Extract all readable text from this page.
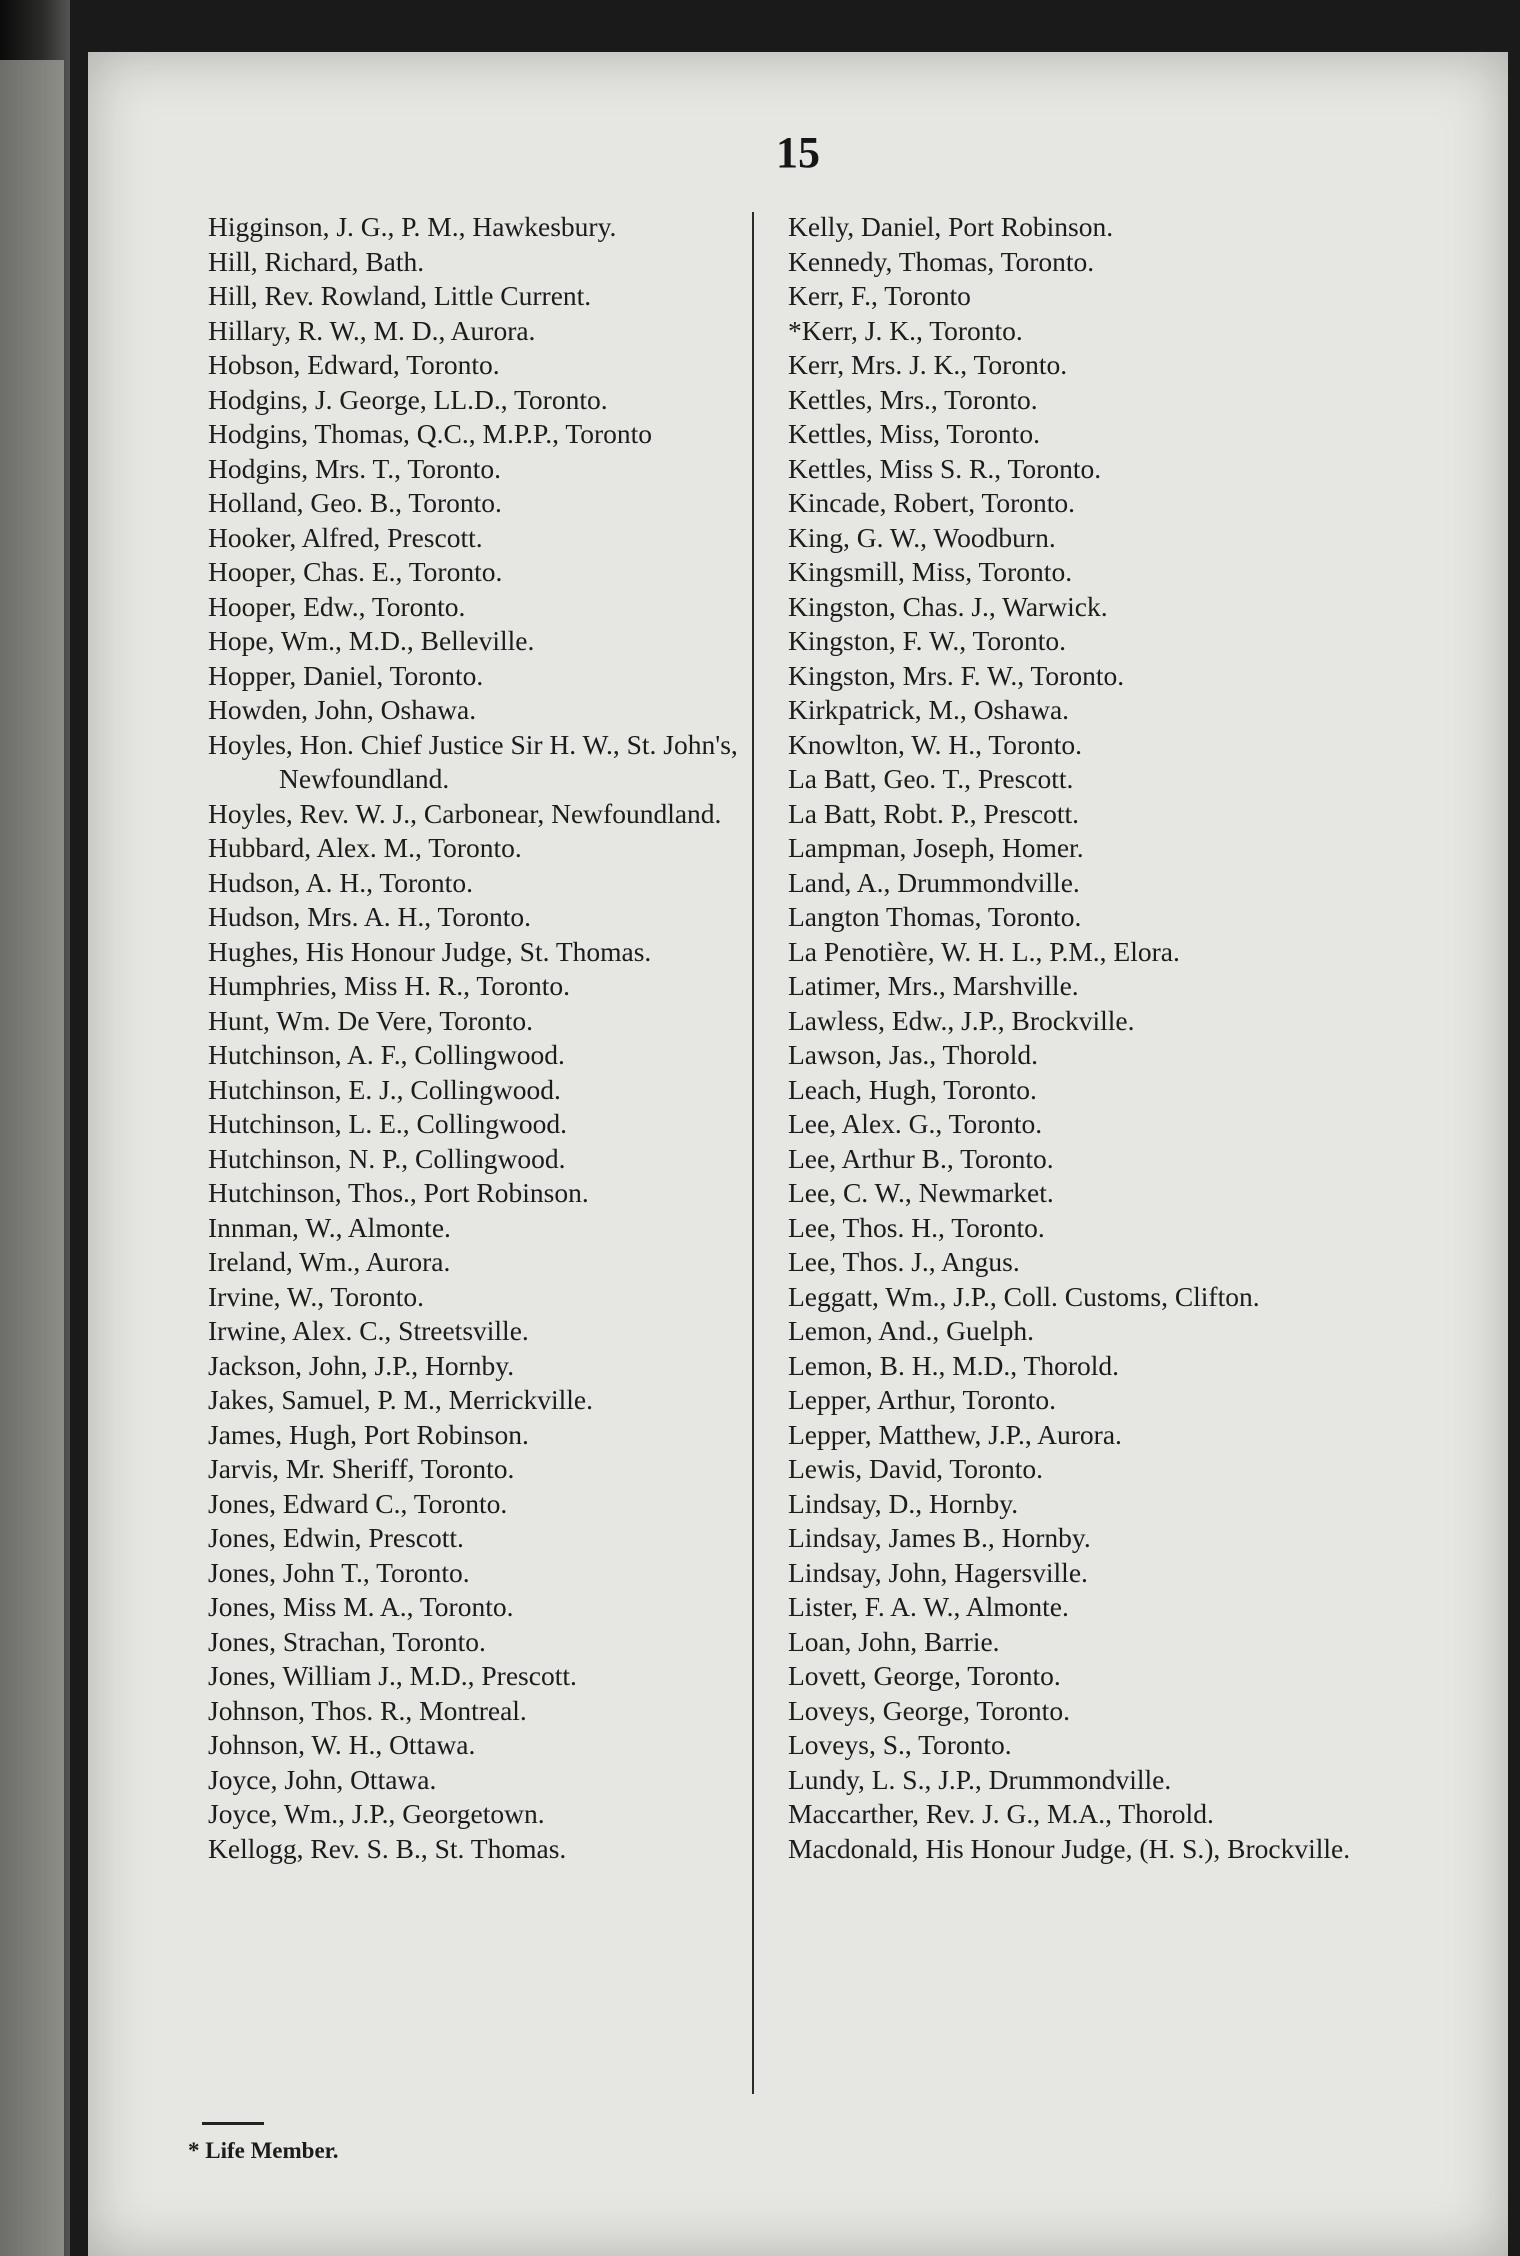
15

Higginson, J. G., P. M., Hawkesbury.

Hill, Richard, Bath.

Hill, Rev. Rowland, Little Current.

Hillary, R. W., M. D., Aurora.

Hobson, Edward, Toronto.

Hodgins, J. George, LL.D., Toronto.

Hodgins, Thomas, Q.C., M.P.P., Toronto

Hodgins, Mrs. T., Toronto.

Holland, Geo. B., Toronto.

Hooker, Alfred, Prescott.

Hooper, Chas. E., Toronto.

Hooper, Edw., Toronto.

Hope, Wm., M.D., Belleville.

Hopper, Daniel, Toronto.

Howden, John, Oshawa.

Hoyles, Hon. Chief Justice Sir H. W., St. John's, Newfoundland.

Hoyles, Rev. W. J., Carbonear, Newfoundland.

Hubbard, Alex. M., Toronto.

Hudson, A. H., Toronto.

Hudson, Mrs. A. H., Toronto.

Hughes, His Honour Judge, St. Thomas.

Humphries, Miss H. R., Toronto.

Hunt, Wm. De Vere, Toronto.

Hutchinson, A. F., Collingwood.

Hutchinson, E. J., Collingwood.

Hutchinson, L. E., Collingwood.

Hutchinson, N. P., Collingwood.

Hutchinson, Thos., Port Robinson.

Innman, W., Almonte.

Ireland, Wm., Aurora.

Irvine, W., Toronto.

Irwine, Alex. C., Streetsville.

Jackson, John, J.P., Hornby.

Jakes, Samuel, P. M., Merrickville.

James, Hugh, Port Robinson.

Jarvis, Mr. Sheriff, Toronto.

Jones, Edward C., Toronto.

Jones, Edwin, Prescott.

Jones, John T., Toronto.

Jones, Miss M. A., Toronto.

Jones, Strachan, Toronto.

Jones, William J., M.D., Prescott.

Johnson, Thos. R., Montreal.

Johnson, W. H., Ottawa.

Joyce, John, Ottawa.

Joyce, Wm., J.P., Georgetown.

Kellogg, Rev. S. B., St. Thomas.

Kelly, Daniel, Port Robinson.

Kennedy, Thomas, Toronto.

Kerr, F., Toronto

*Kerr, J. K., Toronto.

Kerr, Mrs. J. K., Toronto.

Kettles, Mrs., Toronto.

Kettles, Miss, Toronto.

Kettles, Miss S. R., Toronto.

Kincade, Robert, Toronto.

King, G. W., Woodburn.

Kingsmill, Miss, Toronto.

Kingston, Chas. J., Warwick.

Kingston, F. W., Toronto.

Kingston, Mrs. F. W., Toronto.

Kirkpatrick, M., Oshawa.

Knowlton, W. H., Toronto.

La Batt, Geo. T., Prescott.

La Batt, Robt. P., Prescott.

Lampman, Joseph, Homer.

Land, A., Drummondville.

Langton Thomas, Toronto.

La Penotière, W. H. L., P.M., Elora.

Latimer, Mrs., Marshville.

Lawless, Edw., J.P., Brockville.

Lawson, Jas., Thorold.

Leach, Hugh, Toronto.

Lee, Alex. G., Toronto.

Lee, Arthur B., Toronto.

Lee, C. W., Newmarket.

Lee, Thos. H., Toronto.

Lee, Thos. J., Angus.

Leggatt, Wm., J.P., Coll. Customs, Clifton.

Lemon, And., Guelph.

Lemon, B. H., M.D., Thorold.

Lepper, Arthur, Toronto.

Lepper, Matthew, J.P., Aurora.

Lewis, David, Toronto.

Lindsay, D., Hornby.

Lindsay, James B., Hornby.

Lindsay, John, Hagersville.

Lister, F. A. W., Almonte.

Loan, John, Barrie.

Lovett, George, Toronto.

Loveys, George, Toronto.

Loveys, S., Toronto.

Lundy, L. S., J.P., Drummondville.

Maccarther, Rev. J. G., M.A., Thorold.

Macdonald, His Honour Judge, (H. S.), Brockville.

* Life Member.
